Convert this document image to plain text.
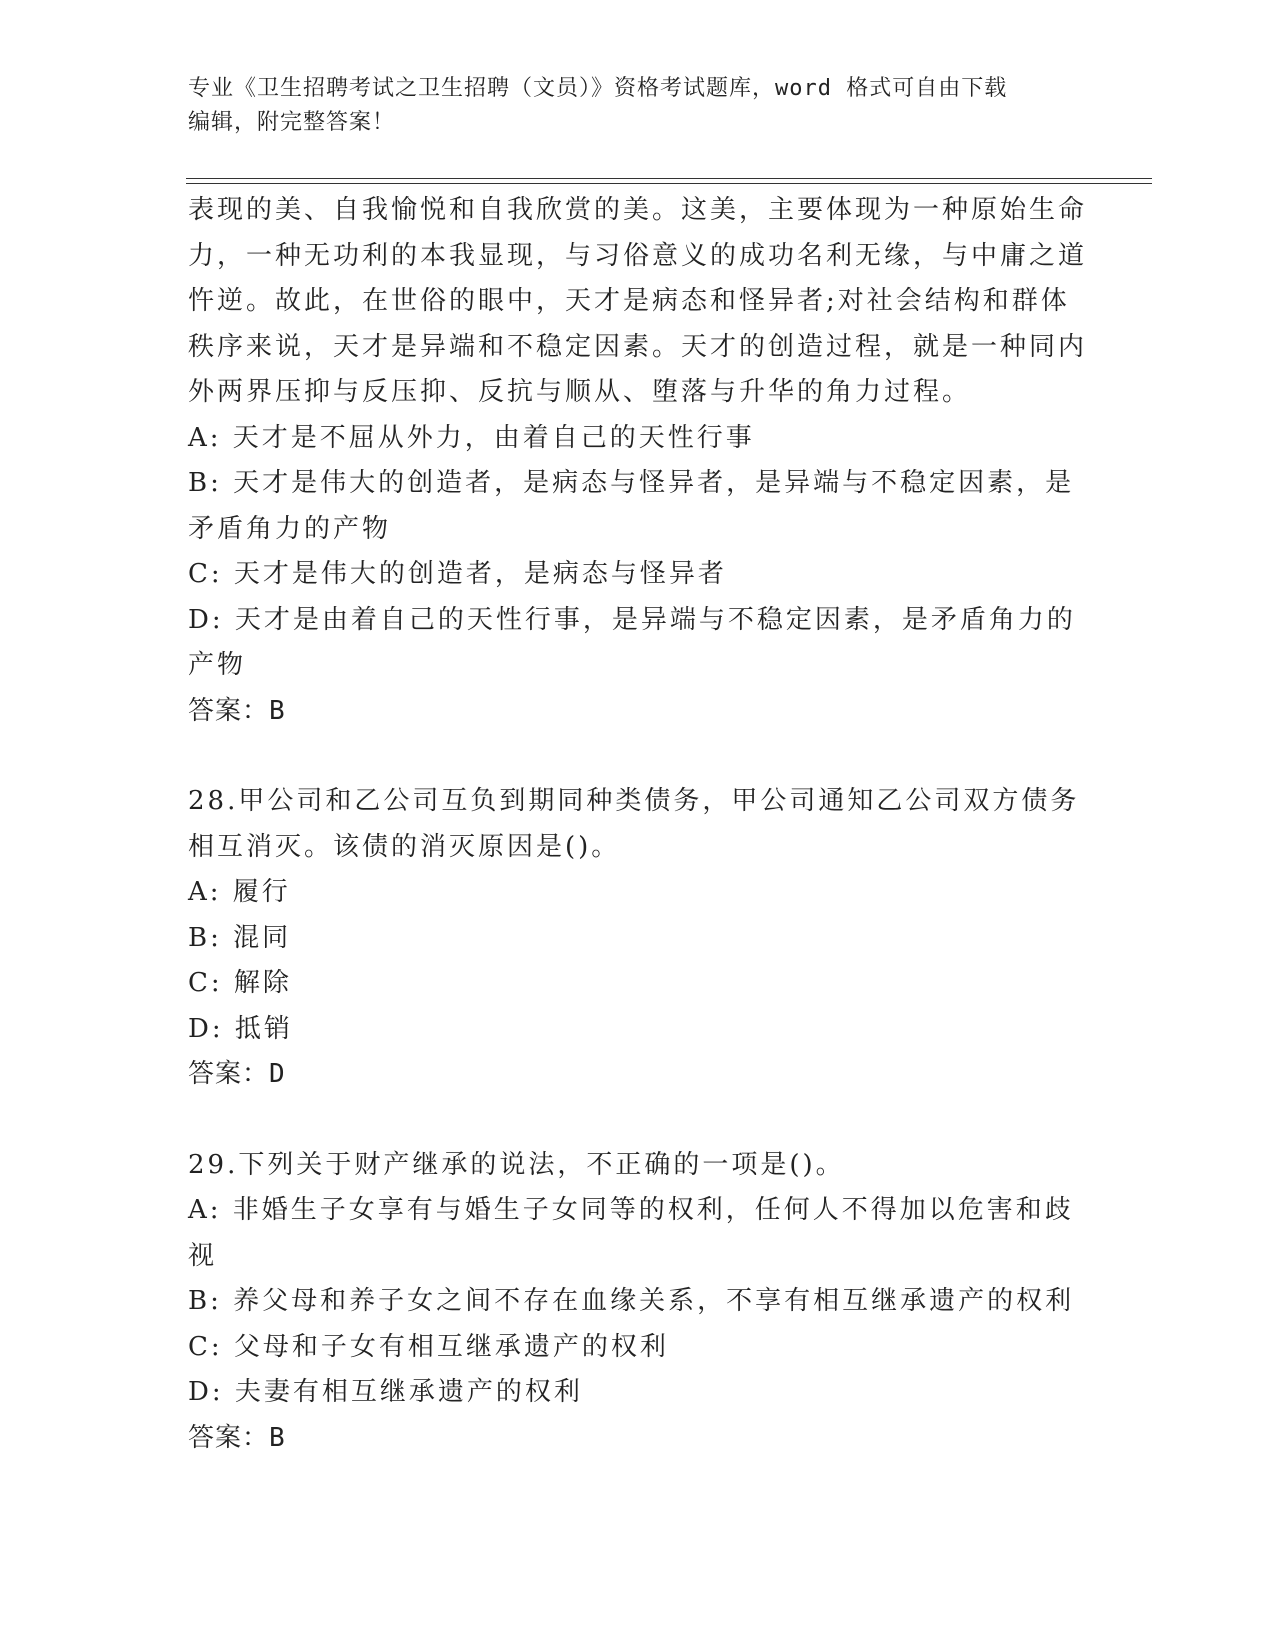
专业《卫生招聘考试之卫生招聘（文员）》资格考试题库，word 格式可自由下载
编辑，附完整答案！

表现的美、自我愉悦和自我欣赏的美。这美，主要体现为一种原始生命力，一种无功利的本我显现，与习俗意义的成功名利无缘，与中庸之道忤逆。故此，在世俗的眼中，天才是病态和怪异者;对社会结构和群体秩序来说，天才是异端和不稳定因素。天才的创造过程，就是一种同内外两界压抑与反压抑、反抗与顺从、堕落与升华的角力过程。

A: 天才是不屈从外力，由着自己的天性行事

B: 天才是伟大的创造者，是病态与怪异者，是异端与不稳定因素，是矛盾角力的产物

C: 天才是伟大的创造者，是病态与怪异者

D: 天才是由着自己的天性行事，是异端与不稳定因素，是矛盾角力的产物

答案：B

28.甲公司和乙公司互负到期同种类债务，甲公司通知乙公司双方债务相互消灭。该债的消灭原因是()。

A: 履行

B: 混同

C: 解除

D: 抵销

答案：D

29.下列关于财产继承的说法，不正确的一项是()。

A: 非婚生子女享有与婚生子女同等的权利，任何人不得加以危害和歧视

B: 养父母和养子女之间不存在血缘关系，不享有相互继承遗产的权利

C: 父母和子女有相互继承遗产的权利

D: 夫妻有相互继承遗产的权利

答案：B
